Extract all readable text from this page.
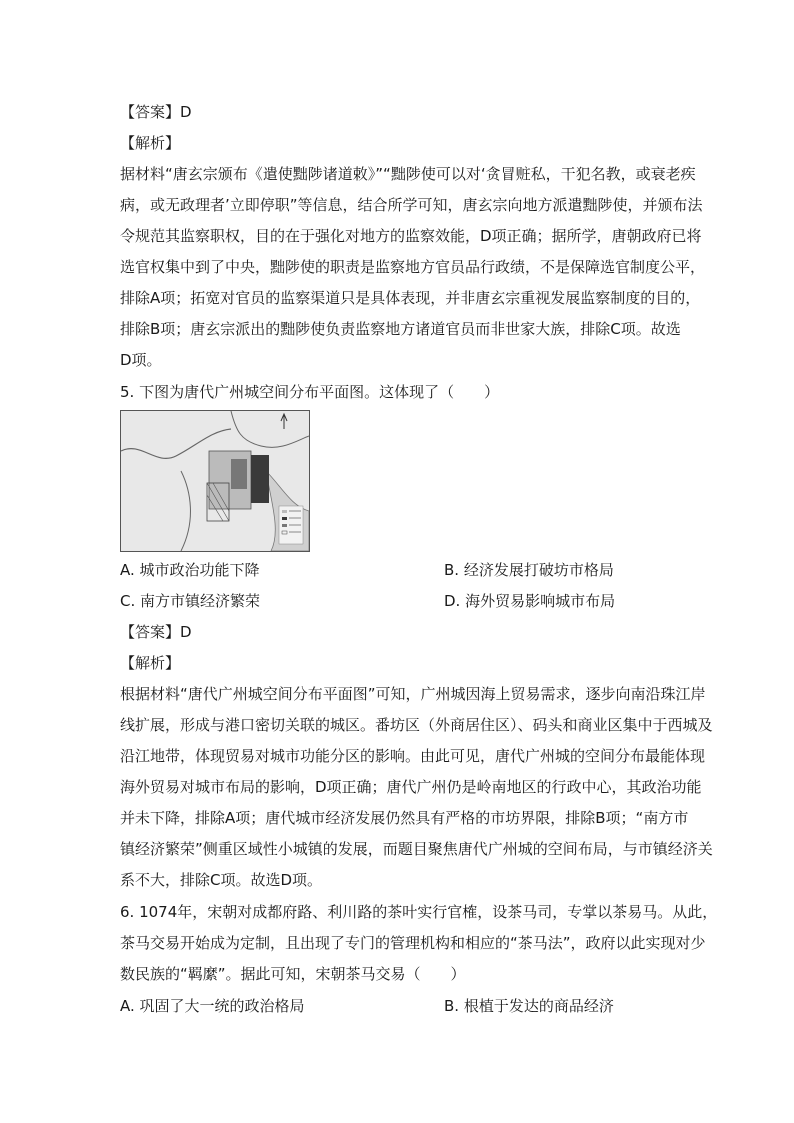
【答案】D
【解析】
据材料“唐玄宗颁布《遣使黜陟诸道敕》”“黜陟使可以对‘贪冒赃私，干犯名教，或衰老疾
病，或无政理者’立即停职”等信息，结合所学可知，唐玄宗向地方派遣黜陟使，并颁布法
令规范其监察职权，目的在于强化对地方的监察效能，D项正确；据所学，唐朝政府已将
选官权集中到了中央，黜陟使的职责是监察地方官员品行政绩，不是保障选官制度公平，
排除A项；拓宽对官员的监察渠道只是具体表现，并非唐玄宗重视发展监察制度的目的，
排除B项；唐玄宗派出的黜陟使负责监察地方诸道官员而非世家大族，排除C项。故选
D项。
5. 下图为唐代广州城空间分布平面图。这体现了（　　）
A. 城市政治功能下降	B. 经济发展打破坊市格局
C. 南方市镇经济繁荣	D. 海外贸易影响城市布局
【答案】D
【解析】
根据材料“唐代广州城空间分布平面图”可知，广州城因海上贸易需求，逐步向南沿珠江岸
线扩展，形成与港口密切关联的城区。番坊区（外商居住区）、码头和商业区集中于西城及
沿江地带，体现贸易对城市功能分区的影响。由此可见，唐代广州城的空间分布最能体现
海外贸易对城市布局的影响，D项正确；唐代广州仍是岭南地区的行政中心，其政治功能
并未下降，排除A项；唐代城市经济发展仍然具有严格的市坊界限，排除B项；“南方市
镇经济繁荣”侧重区域性小城镇的发展，而题目聚焦唐代广州城的空间布局，与市镇经济关
系不大，排除C项。故选D项。
6. 1074年，宋朝对成都府路、利川路的茶叶实行官榷，设茶马司，专掌以茶易马。从此，
茶马交易开始成为定制，且出现了专门的管理机构和相应的“茶马法”，政府以此实现对少
数民族的“羁縻”。据此可知，宋朝茶马交易（　　）
A. 巩固了大一统的政治格局	B. 根植于发达的商品经济
